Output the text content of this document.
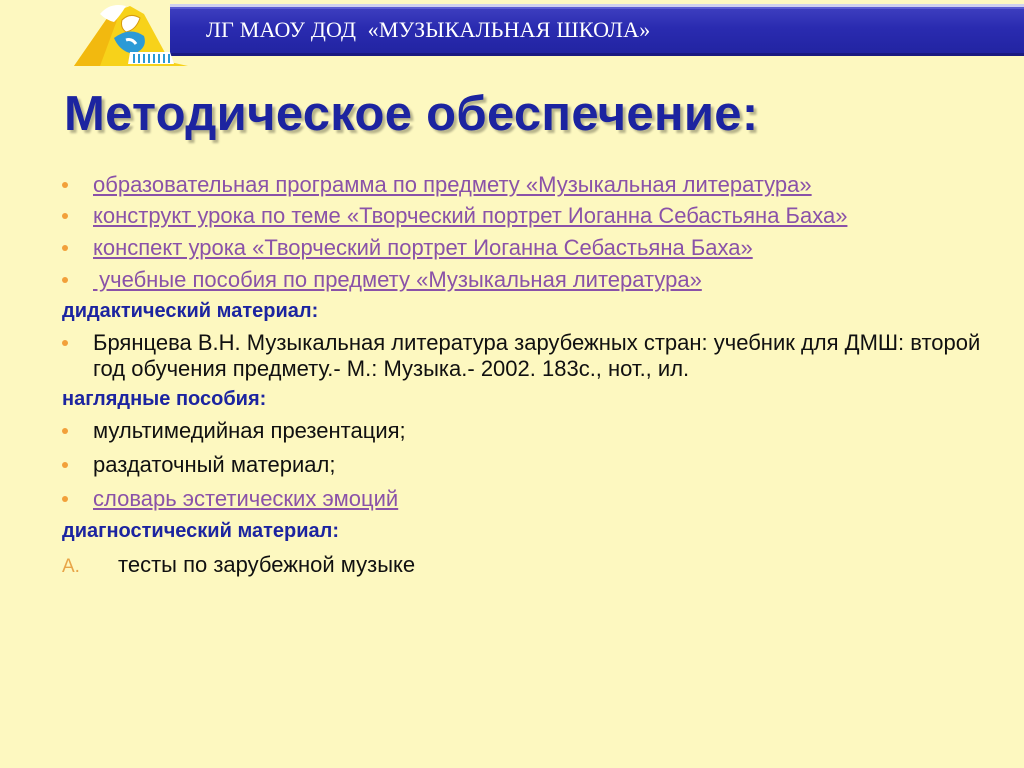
ЛГ МАОУ ДОД  «МУЗЫКАЛЬНАЯ ШКОЛА»
Методическое обеспечение:
образовательная программа по предмету «Музыкальная литература»
конструкт урока по теме «Творческий портрет Иоганна Себастьяна Баха»
конспект урока «Творческий портрет Иоганна Себастьяна Баха»
учебные пособия по предмету «Музыкальная литература»
дидактический материал:
Брянцева В.Н. Музыкальная литература зарубежных стран: учебник для ДМШ: второй год обучения предмету.- М.: Музыка.- 2002. 183с., нот., ил.
наглядные пособия:
мультимедийная презентация;
раздаточный материал;
словарь эстетических эмоций
диагностический материал:
A. тесты по зарубежной музыке
